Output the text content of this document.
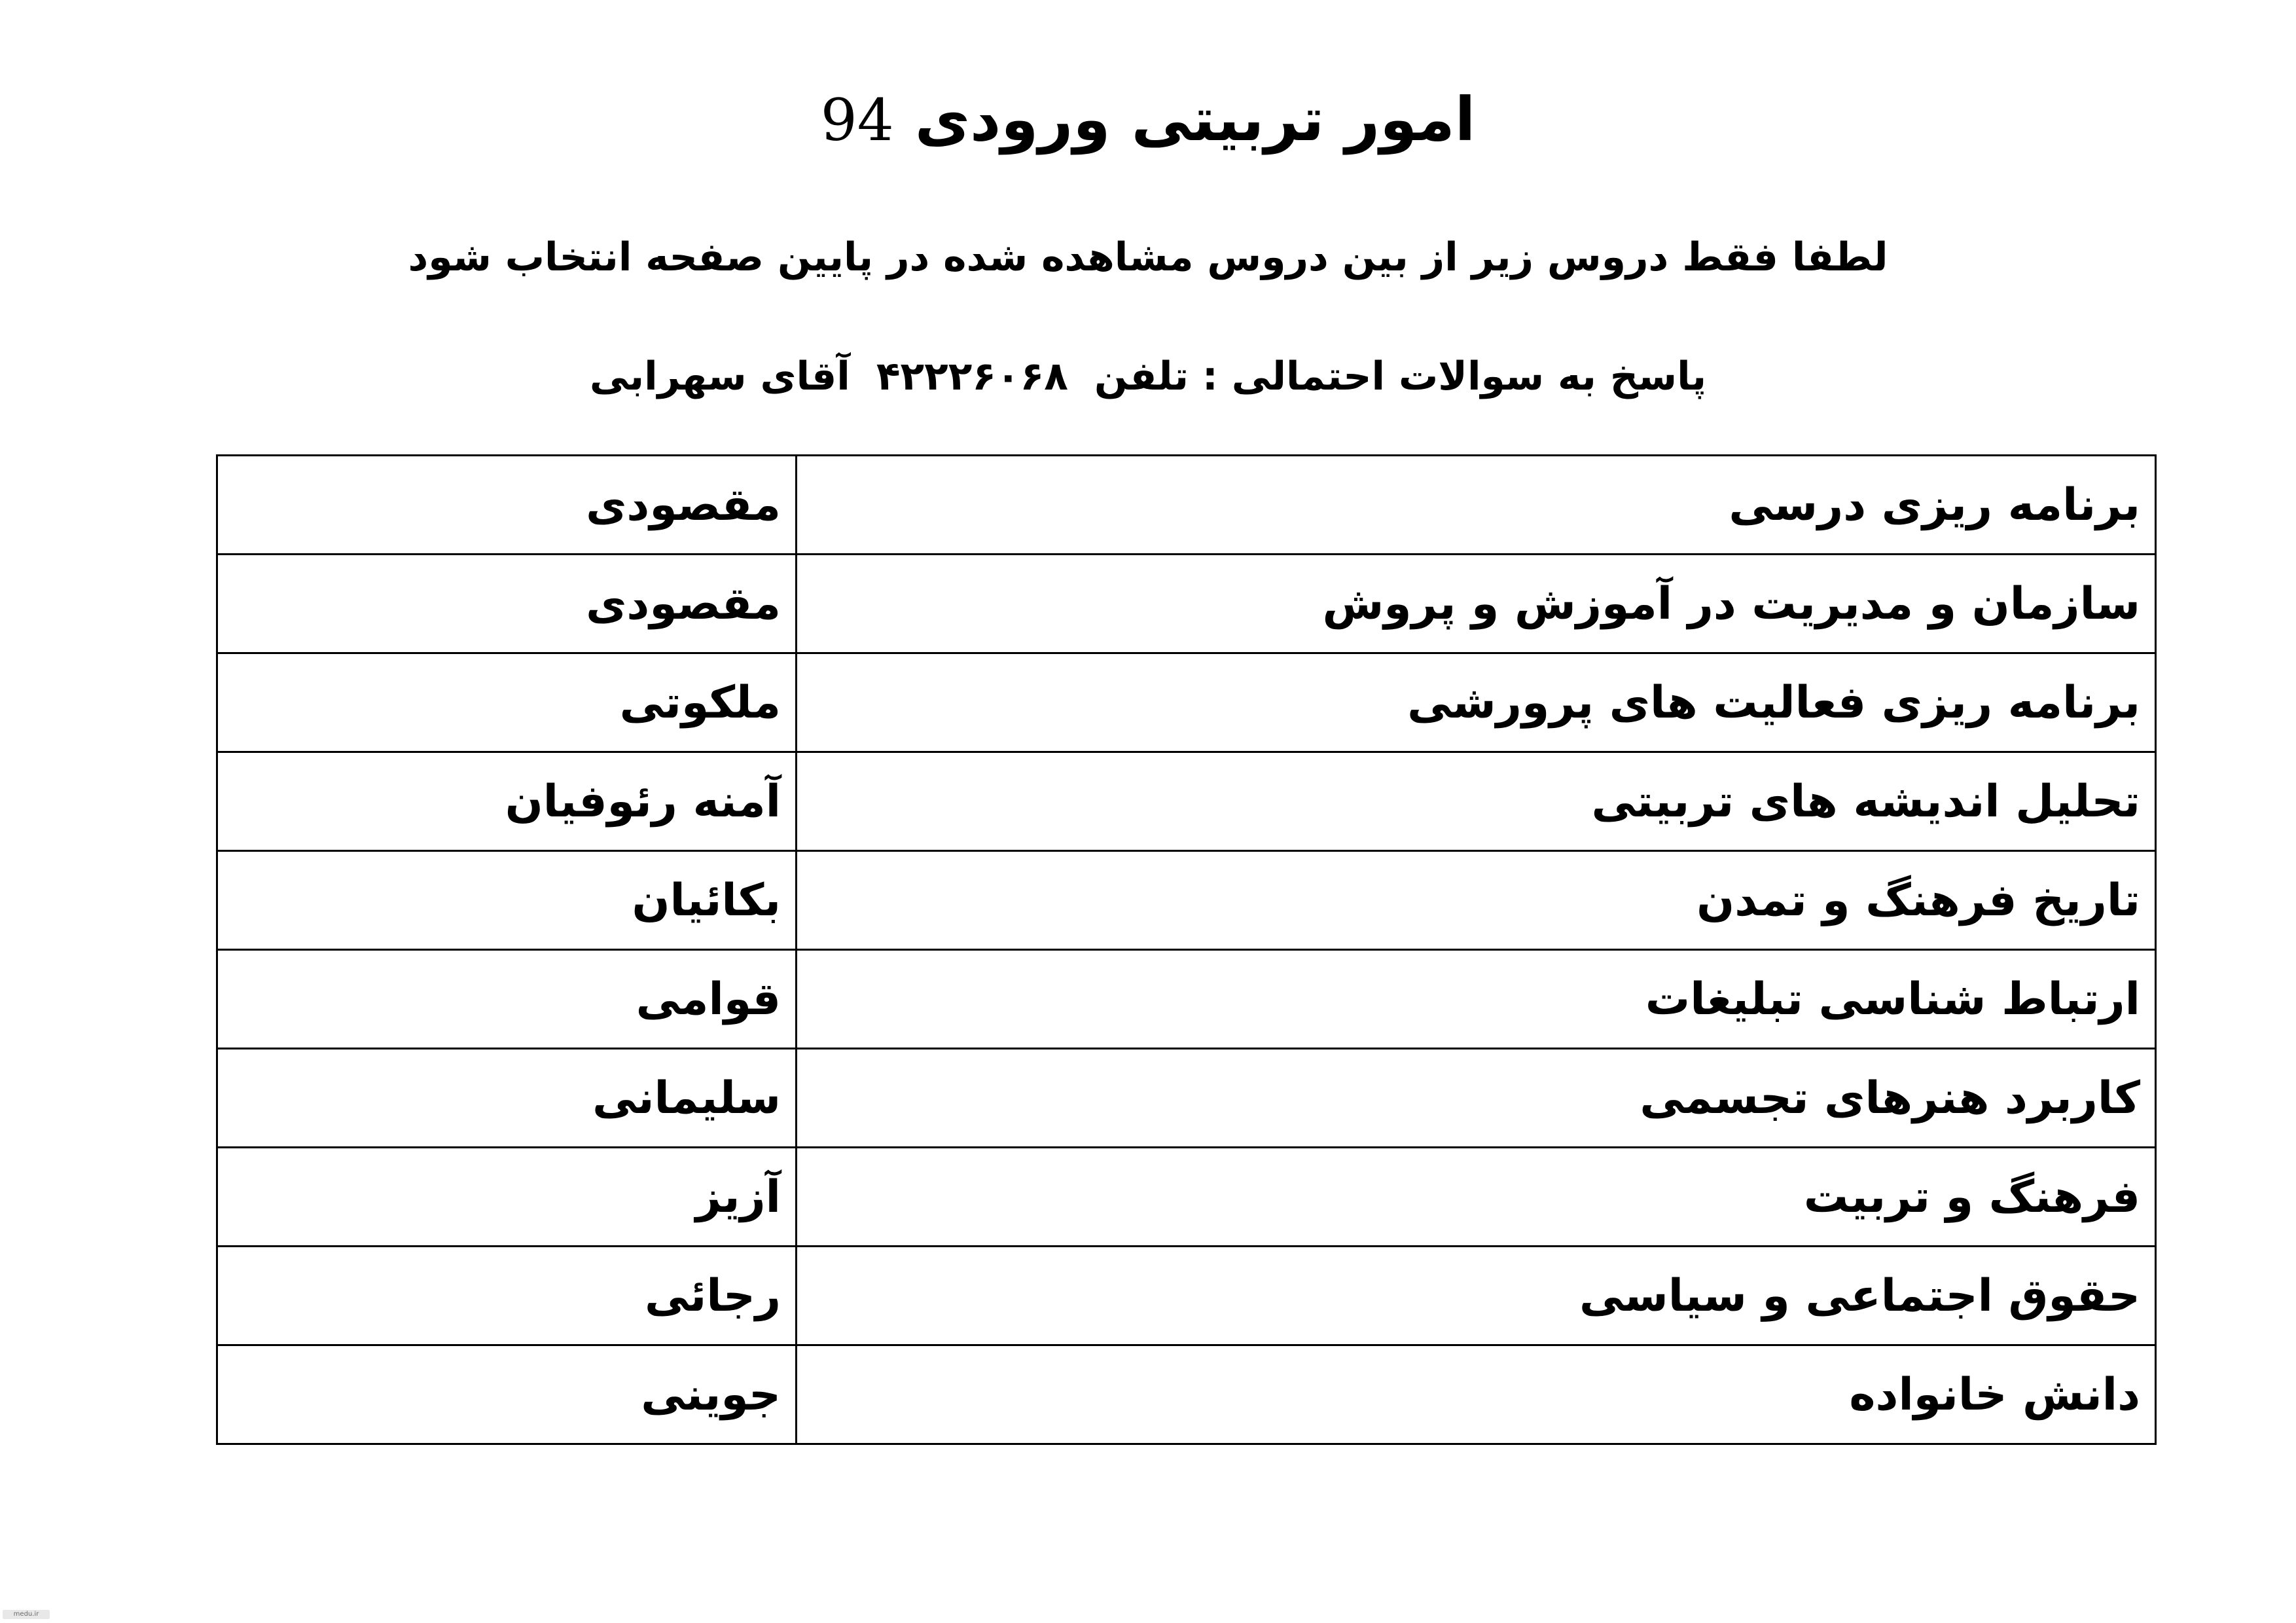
امور تربیتی ورودی 94
لطفا فقط دروس زیر از بین دروس مشاهده شده در پایین صفحه انتخاب شود
پاسخ به سوالات احتمالی : تلفن۴۲۲۲۶۰۶۸آقای سهرابی
برنامه ریزی درسی	مقصودی
سازمان و مدیریت در آموزش و پروش	مقصودی
برنامه ریزی فعالیت های پرورشی	ملکوتی
تحلیل اندیشه های تربیتی	آمنه رئوفیان
تاریخ فرهنگ و تمدن	بکائیان
ارتباط شناسی تبلیغات	قوامی
کاربرد هنرهای تجسمی	سلیمانی
فرهنگ و تربیت	آزیز
حقوق اجتماعی و سیاسی	رجائی
دانش خانواده	جوینی
medu.ir
